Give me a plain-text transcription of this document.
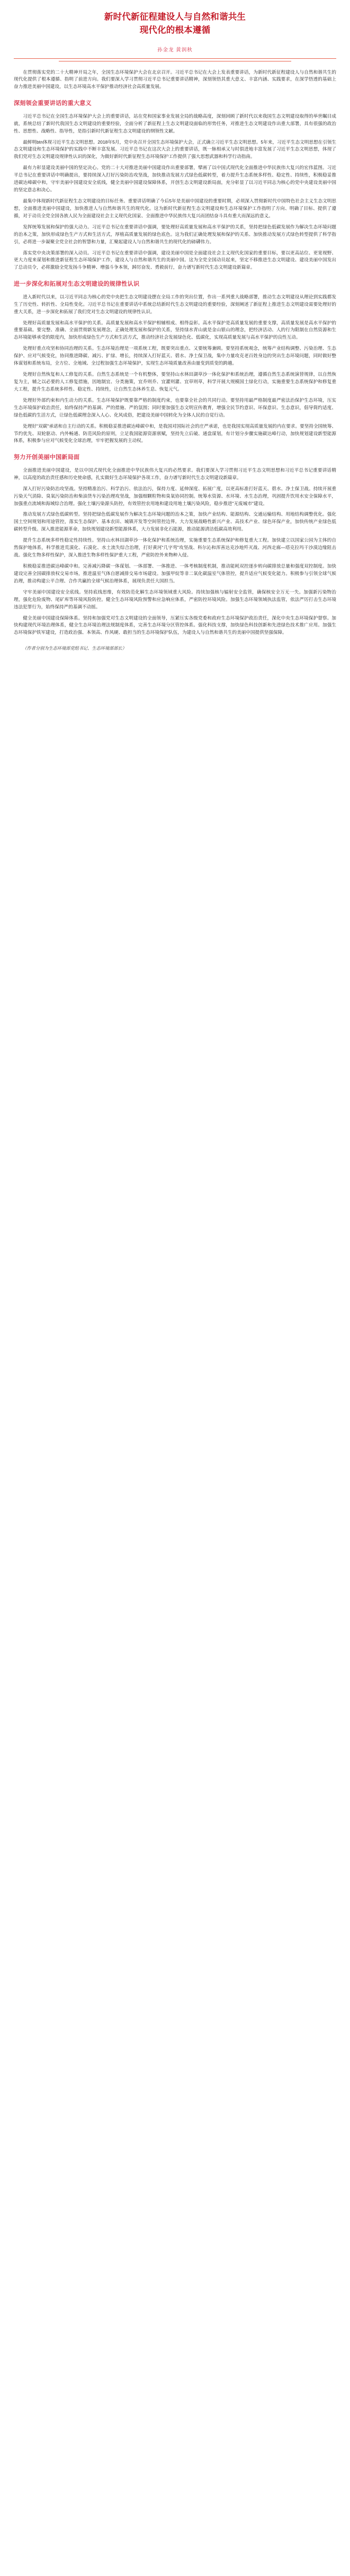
新时代新征程建设人与自然和谐共生
现代化的根本遵循
孙金龙 黄润秋

在贯彻落实党的二十大精神开局之年，全国生态环境保护大会在北京召开。习近平总书记在大会上发表重要讲话，为新时代新征程建设人与自然和谐共生的现代化提供了根本遵循、指明了前进方向。我们要深入学习贯彻习近平总书记重要讲话精神，深刻领悟其重大意义、丰富内涵、实践要求，在深学悟透的基础上奋力推进美丽中国建设，以生态环境高水平保护推动经济社会高质量发展。

深刻领会重要讲话的重大意义

习近平总书记在全国生态环境保护大会上的重要讲话，站在党和国家事业发展全局的战略高度，深刻回顾了新时代以来我国生态文明建设取得的举世瞩目成就，系统总结了新时代我国生态文明建设的重要经验，全面分析了新征程上生态文明建设面临的形势任务，对推进生态文明建设作出重大部署，具有很强的政治性、思想性、战略性、指导性，是指引新时代新征程生态文明建设的纲领性文献。

最鲜明btn体现习近平生态文明思想。2018年5月，党中央召开全国生态环境保护大会，正式确立习近平生态文明思想。5年来，习近平生态文明思想在引领生态文明建设和生态环境保护的实践中不断丰富发展。习近平总书记在这次大会上的重要讲话，既一脉相承又与时俱进地丰富发展了习近平生态文明思想，体现了我们党对生态文明建设规律性认识的深化，为做好新时代新征程生态环境保护工作提供了强大思想武器和科学行动指南。

最有力彰显建设美丽中国的坚定决心。党的二十大对推进美丽中国建设作出重要部署，擘画了以中国式现代化全面推进中华民族伟大复兴的宏伟蓝图。习近平总书记在重要讲话中明确提出，要持续深入打好污染防治攻坚战，加快推动发展方式绿色低碳转型，着力提升生态系统多样性、稳定性、持续性，积极稳妥推进碳达峰碳中和，守牢美丽中国建设安全底线，健全美丽中国建设保障体系，开创生态文明建设新局面，充分彰显了以习近平同志为核心的党中央建设美丽中国的坚定意志和决心。

最集中体现新时代新征程生态文明建设的目标任务。重要讲话明确了今后5年是美丽中国建设的重要时期，必须深入贯彻新时代中国特色社会主义生态文明思想，全面推进美丽中国建设，加快推进人与自然和谐共生的现代化。这为新时代新征程生态文明建设和生态环境保护工作指明了方向、明确了目标、提供了遵循，对于动员全党全国各族人民为全面建设社会主义现代化国家、全面推进中华民族伟大复兴而团结奋斗具有重大而深远的意义。

发挥统筹发展和保护的强大动力。习近平总书记在重要讲话中强调，要处理好高质量发展和高水平保护的关系，坚持把绿色低碳发展作为解决生态环境问题的治本之策，加快形成绿色生产方式和生活方式，厚植高质量发展的绿色底色。这为我们正确处理发展和保护的关系、加快推动发展方式绿色转型提供了科学指引，必将进一步凝聚全党全社会的智慧和力量，汇聚起建设人与自然和谐共生的现代化的磅礴伟力。

落实党中央决策部署的深入动员。习近平总书记在重要讲话中强调，建设美丽中国是全面建设社会主义现代化国家的重要目标，要以更高站位、更宽视野、更大力度来谋划和推进新征程生态环境保护工作，建设人与自然和谐共生的美丽中国。这为全党全国动员起来，坚定不移推进生态文明建设、建设美丽中国发出了总动员令，必将激励全党发扬斗争精神、增强斗争本领，踔厉奋发、勇毅前行，奋力谱写新时代生态文明建设新篇章。

进一步深化和拓展对生态文明建设的规律性认识

进入新时代以来，以习近平同志为核心的党中央把生态文明建设摆在全局工作的突出位置，作出一系列重大战略部署，推动生态文明建设从理论到实践都发生了历史性、转折性、全局性变化。习近平总书记在重要讲话中系统总结新时代生态文明建设的重要经验，深刻阐述了新征程上推进生态文明建设需要处理好的重大关系，进一步深化和拓展了我们党对生态文明建设的规律性认识。

处理好高质量发展和高水平保护的关系。高质量发展和高水平保护相辅相成、相得益彰。高水平保护是高质量发展的重要支撑，高质量发展是高水平保护的重要基础。要完整、准确、全面贯彻新发展理念，正确处理发展和保护的关系，坚持绿水青山就是金山银山的理念，把经济活动、人的行为限制在自然资源和生态环境能够承受的限度内，加快形成绿色生产方式和生活方式，推动经济社会发展绿色化、低碳化，实现高质量发展与高水平保护的良性互动。

处理好重点攻坚和协同治理的关系。生态环境治理是一项系统工程，既要突出重点、又要统筹兼顾。要坚持系统观念，统筹产业结构调整、污染治理、生态保护、应对气候变化，协同推进降碳、减污、扩绿、增长，持续深入打好蓝天、碧水、净土保卫战，集中力量攻克老百姓身边的突出生态环境问题，同时做好整体谋划和系统布局，全方位、全地域、全过程加强生态环境保护，实现生态环境质量改善由量变到质变的跨越。

处理好自然恢复和人工修复的关系。自然生态系统是一个有机整体，要坚持山水林田湖草沙一体化保护和系统治理，遵循自然生态系统演替规律，以自然恢复为主，辅之以必要的人工修复措施，因地制宜、分类施策，宜乔则乔、宜灌则灌、宜草则草，科学开展大规模国土绿化行动，实施重要生态系统保护和修复重大工程，提升生态系统多样性、稳定性、持续性，让自然生态休养生息、恢复元气。

处理好外部约束和内生动力的关系。生态环境保护既要靠严格的制度约束，也要靠全社会的共同行动。要坚持用最严格制度最严密法治保护生态环境，压实生态环境保护政治责任，始终保持严的基调、严的措施、严的氛围；同时要加强生态文明宣传教育，增强全民节约意识、环保意识、生态意识，倡导简约适度、绿色低碳的生活方式，让绿色低碳理念深入人心、化风成俗，把建设美丽中国转化为全体人民的自觉行动。

处理好"双碳"承诺和自主行动的关系。积极稳妥推进碳达峰碳中和，是我国对国际社会的庄严承诺，也是我国实现高质量发展的内在要求。要坚持全国统筹、节约优先、双轮驱动、内外畅通、防范风险的原则，立足我国能源资源禀赋，坚持先立后破、通盘谋划，有计划分步骤实施碳达峰行动，加快规划建设新型能源体系，积极参与应对气候变化全球治理，牢牢把握发展的主动权。

努力开创美丽中国新局面

全面推进美丽中国建设，是以中国式现代化全面推进中华民族伟大复兴的必然要求。我们要深入学习贯彻习近平生态文明思想和习近平总书记重要讲话精神，以高度的政治责任感和历史使命感，扎实做好生态环境保护各项工作，奋力谱写新时代生态文明建设新篇章。

深入打好污染防治攻坚战。坚持精准治污、科学治污、依法治污，保持力度、延伸深度、拓展广度，以更高标准打好蓝天、碧水、净土保卫战。持续开展重污染天气消除、臭氧污染防治和柴油货车污染治理攻坚战，加强细颗粒物和臭氧协同控制。统筹水资源、水环境、水生态治理，巩固提升饮用水安全保障水平，加强重点流域和海域综合治理。强化土壤污染源头防控，有效管控农用地和建设用地土壤污染风险，稳步推进"无废城市"建设。

推动发展方式绿色低碳转型。坚持把绿色低碳发展作为解决生态环境问题的治本之策，加快产业结构、能源结构、交通运输结构、用地结构调整优化。强化国土空间规划和用途管控，落实生态保护、基本农田、城镇开发等空间管控边界。大力发展战略性新兴产业、高技术产业、绿色环保产业，加快传统产业绿色低碳转型升级。深入推进能源革命，加快规划建设新型能源体系，大力发展非化石能源，推动能源清洁低碳高效利用。

提升生态系统多样性稳定性持续性。坚持山水林田湖草沙一体化保护和系统治理，实施重要生态系统保护和修复重大工程。加快建立以国家公园为主体的自然保护地体系，科学推进荒漠化、石漠化、水土流失综合治理，打好黄河"几字弯"攻坚战、科尔沁和浑善达克沙地歼灭战、河西走廊—塔克拉玛干沙漠边缘阻击战。强化生物多样性保护，深入推进生物多样性保护重大工程，严密防控外来物种入侵。

积极稳妥推进碳达峰碳中和。完善减污降碳一体谋划、一体部署、一体推进、一体考核制度机制，推动能耗双控逐步转向碳排放总量和强度双控制度。加快建设完善全国碳排放权交易市场，推进温室气体自愿减排交易市场建设。加强甲烷等非二氧化碳温室气体管控，提升适应气候变化能力。积极参与引领全球气候治理，推动构建公平合理、合作共赢的全球气候治理体系，展现负责任大国担当。

守牢美丽中国建设安全底线。坚持底线思维，有效防范化解生态环境领域重大风险。持续加强核与辐射安全监管，确保核安全万无一失。加强新污染物治理，强化危险废物、尾矿库等环境风险防控。健全生态环境风险预警和应急响应体系，严密防控环境风险。加强生态环境领域执法监管，依法严厉打击生态环境违法犯罪行为，始终保持严的基调不动摇。

健全美丽中国建设保障体系。坚持和加强党对生态文明建设的全面领导，压紧压实各级党委和政府生态环境保护政治责任，深化中央生态环境保护督察。加快构建现代环境治理体系，健全生态环境治理法规制度体系，完善生态环境分区管控体系。强化科技支撑，加快绿色科技创新和先进绿色技术推广应用。加强生态环境保护铁军建设，打造政治强、本领高、作风硬、敢担当的生态环境保护队伍，为建设人与自然和谐共生的美丽中国提供坚强保障。

（作者分别为生态环境部党组书记、生态环境部部长）
